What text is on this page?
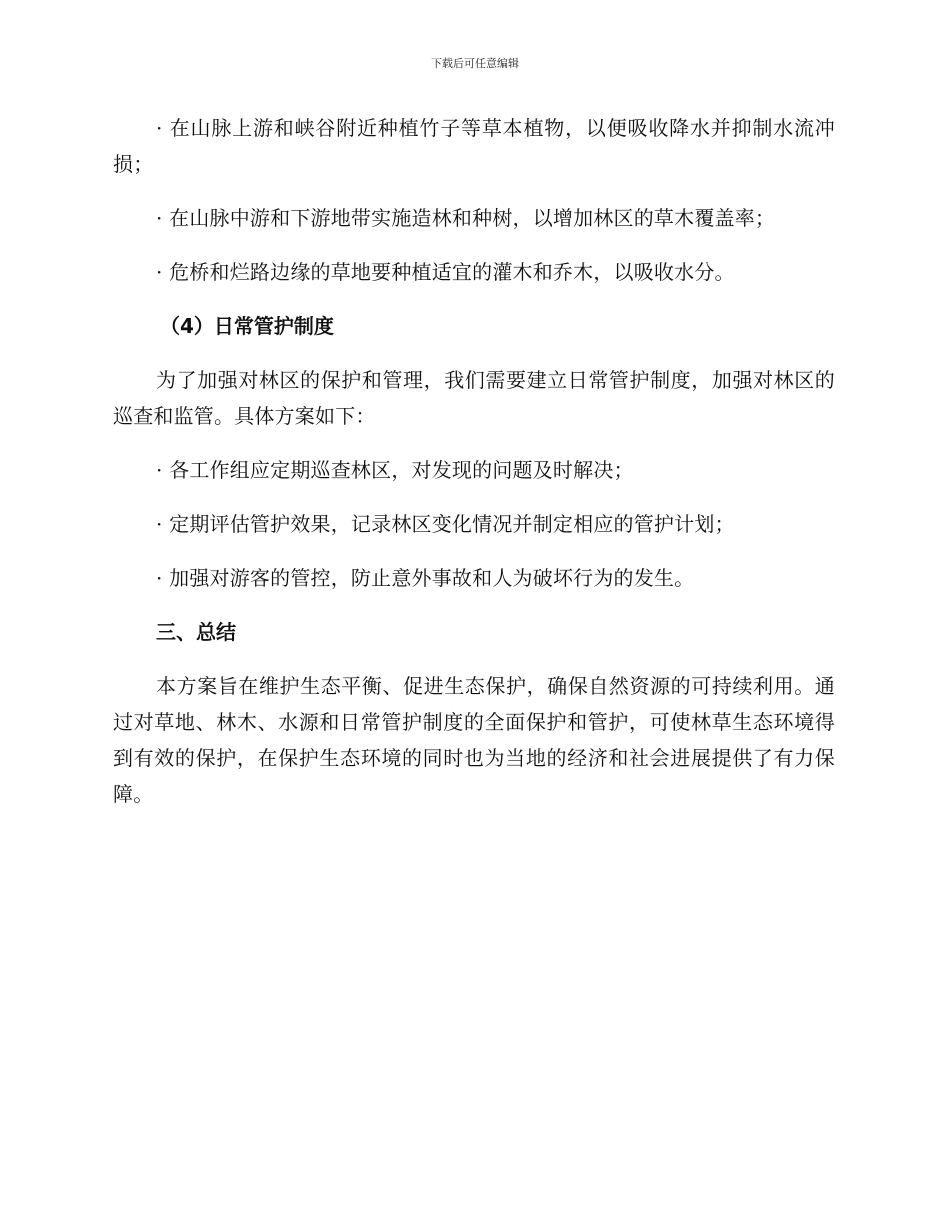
下载后可任意编辑

· 在山脉上游和峡谷附近种植竹子等草本植物，以便吸收降水并抑制水流冲损；

· 在山脉中游和下游地带实施造林和种树，以增加林区的草木覆盖率；

· 危桥和烂路边缘的草地要种植适宜的灌木和乔木，以吸收水分。

（4）日常管护制度

为了加强对林区的保护和管理，我们需要建立日常管护制度，加强对林区的巡查和监管。具体方案如下：

· 各工作组应定期巡查林区，对发现的问题及时解决；

· 定期评估管护效果，记录林区变化情况并制定相应的管护计划；

· 加强对游客的管控，防止意外事故和人为破坏行为的发生。

三、总结

本方案旨在维护生态平衡、促进生态保护，确保自然资源的可持续利用。通过对草地、林木、水源和日常管护制度的全面保护和管护，可使林草生态环境得到有效的保护，在保护生态环境的同时也为当地的经济和社会进展提供了有力保障。
